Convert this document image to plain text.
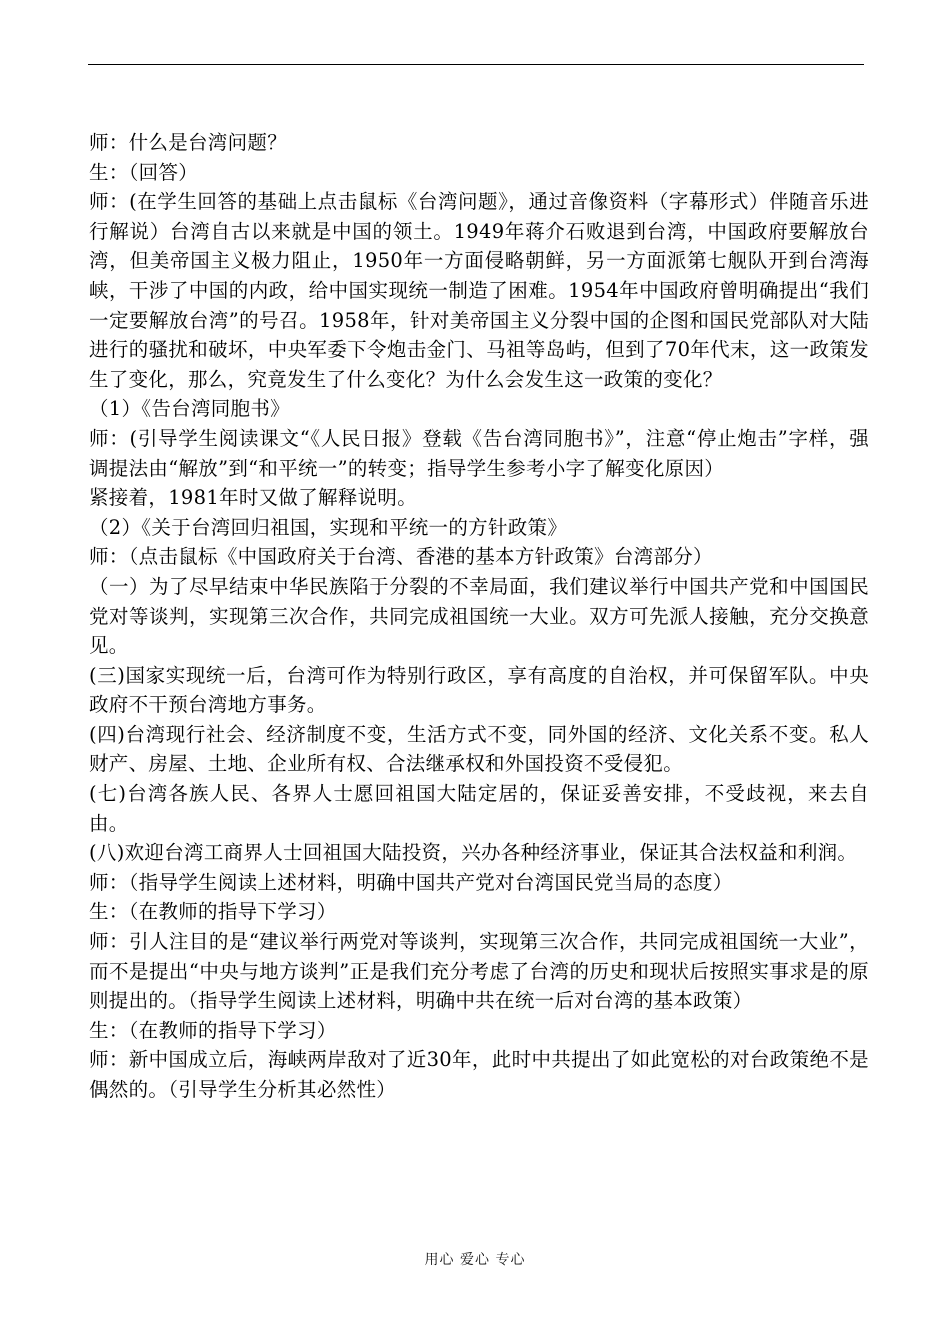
师：什么是台湾问题？

生：（回答）

师：(在学生回答的基础上点击鼠标《台湾问题》，通过音像资料（字幕形式）伴随音乐进行解说）台湾自古以来就是中国的领土。1949年蒋介石败退到台湾，中国政府要解放台湾，但美帝国主义极力阻止，1950年一方面侵略朝鲜，另一方面派第七舰队开到台湾海峡，干涉了中国的内政，给中国实现统一制造了困难。1954年中国政府曾明确提出“我们一定要解放台湾”的号召。1958年，针对美帝国主义分裂中国的企图和国民党部队对大陆进行的骚扰和破坏，中央军委下令炮击金门、马祖等岛屿，但到了70年代末，这一政策发生了变化，那么，究竟发生了什么变化？为什么会发生这一政策的变化？

（1）《告台湾同胞书》

师：(引导学生阅读课文“《人民日报》登载《告台湾同胞书》”，注意“停止炮击”字样，强调提法由“解放”到“和平统一”的转变；指导学生参考小字了解变化原因）

紧接着，1981年时又做了解释说明。

（2）《关于台湾回归祖国，实现和平统一的方针政策》

师：（点击鼠标《中国政府关于台湾、香港的基本方针政策》台湾部分）

（一）为了尽早结束中华民族陷于分裂的不幸局面，我们建议举行中国共产党和中国国民党对等谈判，实现第三次合作，共同完成祖国统一大业。双方可先派人接触，充分交换意见。

(三)国家实现统一后，台湾可作为特别行政区，享有高度的自治权，并可保留军队。中央政府不干预台湾地方事务。

(四)台湾现行社会、经济制度不变，生活方式不变，同外国的经济、文化关系不变。私人财产、房屋、土地、企业所有权、合法继承权和外国投资不受侵犯。

(七)台湾各族人民、各界人士愿回祖国大陆定居的，保证妥善安排，不受歧视，来去自由。

(八)欢迎台湾工商界人士回祖国大陆投资，兴办各种经济事业，保证其合法权益和利润。

师：（指导学生阅读上述材料，明确中国共产党对台湾国民党当局的态度）

生：（在教师的指导下学习）

师：引人注目的是“建议举行两党对等谈判，实现第三次合作，共同完成祖国统一大业”，而不是提出“中央与地方谈判”正是我们充分考虑了台湾的历史和现状后按照实事求是的原则提出的。（指导学生阅读上述材料，明确中共在统一后对台湾的基本政策）

生：（在教师的指导下学习）

师：新中国成立后，海峡两岸敌对了近30年，此时中共提出了如此宽松的对台政策绝不是偶然的。（引导学生分析其必然性）

用心 爱心 专心
